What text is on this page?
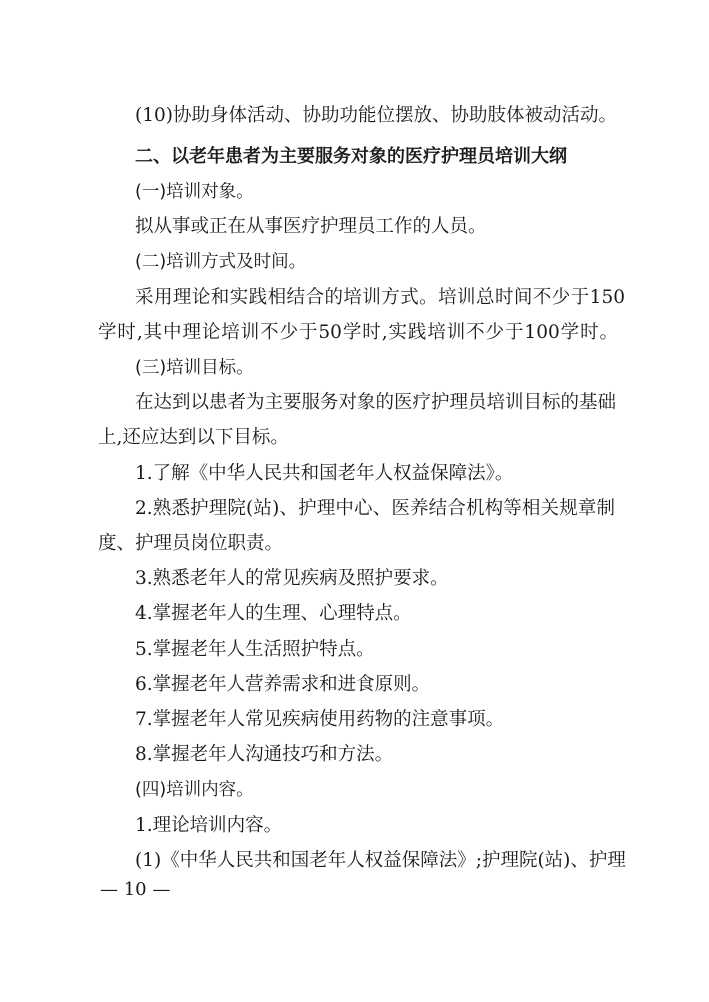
(10)协助身体活动、协助功能位摆放、协助肢体被动活动。
二、以老年患者为主要服务对象的医疗护理员培训大纲
(一)培训对象。
拟从事或正在从事医疗护理员工作的人员。
(二)培训方式及时间。
采用理论和实践相结合的培训方式。培训总时间不少于150
学时,其中理论培训不少于50学时,实践培训不少于100学时。
(三)培训目标。
在达到以患者为主要服务对象的医疗护理员培训目标的基础
上,还应达到以下目标。
1.了解《中华人民共和国老年人权益保障法》。
2.熟悉护理院(站)、护理中心、医养结合机构等相关规章制
度、护理员岗位职责。
3.熟悉老年人的常见疾病及照护要求。
4.掌握老年人的生理、心理特点。
5.掌握老年人生活照护特点。
6.掌握老年人营养需求和进食原则。
7.掌握老年人常见疾病使用药物的注意事项。
8.掌握老年人沟通技巧和方法。
(四)培训内容。
1.理论培训内容。
(1)《中华人民共和国老年人权益保障法》;护理院(站)、护理
— 10 —
